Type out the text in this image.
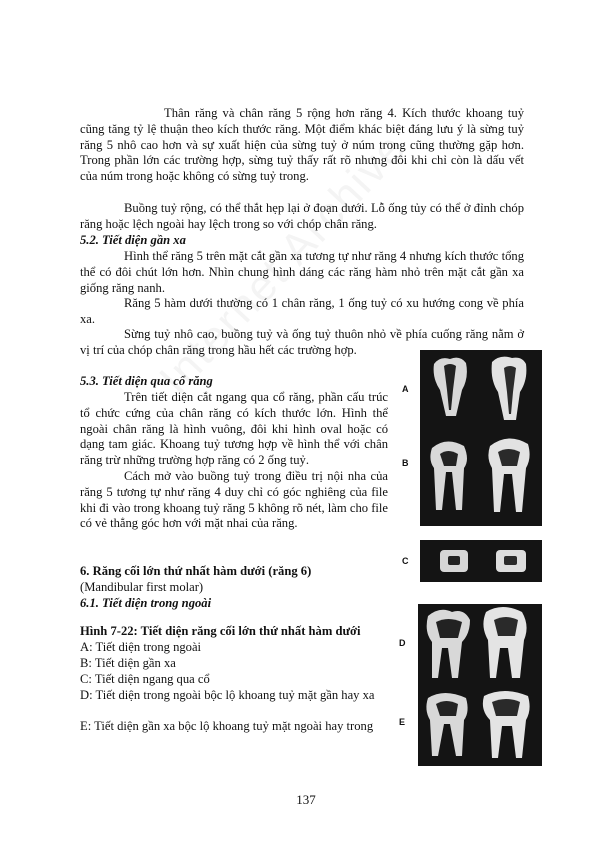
Thân răng và chân răng 5 rộng hơn răng 4. Kích thước khoang tuỷ cũng tăng tỷ lệ thuận theo kích thước răng. Một điểm khác biệt đáng lưu ý là sừng tuỷ răng 5 nhô cao hơn và sự xuất hiện của sừng tuỷ ở núm trong cũng thường gặp hơn. Trong phần lớn các trường hợp, sừng tuỷ thấy rất rõ nhưng đôi khi chỉ còn là dấu vết của núm trong hoặc không có sừng tuỷ trong.

Buồng tuỷ rộng, có thể thắt hẹp lại ở đoạn dưới. Lỗ ống tủy có thể ở đỉnh chóp răng hoặc lệch ngoài hay lệch trong so với chóp chân răng.

5.2. Tiết diện gần xa

Hình thể răng 5 trên mặt cắt gần xa tương tự như răng 4 nhưng kích thước tổng thể có đôi chút lớn hơn. Nhìn chung hình dáng các răng hàm nhỏ trên mặt cắt gần xa giống răng nanh.

Răng 5 hàm dưới thường có 1 chân răng, 1 ống tuỷ có xu hướng cong về phía xa.

Sừng tuỷ nhô cao, buồng tuỷ và ống tuỷ thuôn nhỏ về phía cuống răng nằm ở vị trí của chóp chân răng trong hầu hết các trường hợp.

5.3. Tiết diện qua cổ răng

Trên tiết diện cắt ngang qua cổ răng, phần cấu trúc tổ chức cứng của chân răng có kích thước lớn. Hình thể ngoài chân răng là hình vuông, đôi khi hình oval hoặc có dạng tam giác. Khoang tuỷ tương hợp về hình thể với chân răng trừ những trường hợp răng có 2 ống tuỷ.

Cách mở vào buồng tuỷ trong điều trị nội nha của răng 5 tương tự như răng 4 duy chỉ có góc nghiêng của file khi đi vào trong khoang tuỷ răng 5 không rõ nét, làm cho file có vẻ thẳng góc hơn với mặt nhai của răng.

6. Răng cối lớn thứ nhất hàm dưới (răng 6)

(Mandibular first molar)

6.1. Tiết diện trong ngoài

Hình 7-22: Tiết diện răng cối lớn thứ nhất hàm dưới

A: Tiết diện trong ngoài

B: Tiết diện gần xa

C: Tiết diện ngang qua cổ

D: Tiết diện trong ngoài bộc lộ khoang tuỷ mặt gần hay xa

E: Tiết diện gần xa bộc lộ khoang tuỷ mặt ngoài hay trong

A
B
C
D
E
137
